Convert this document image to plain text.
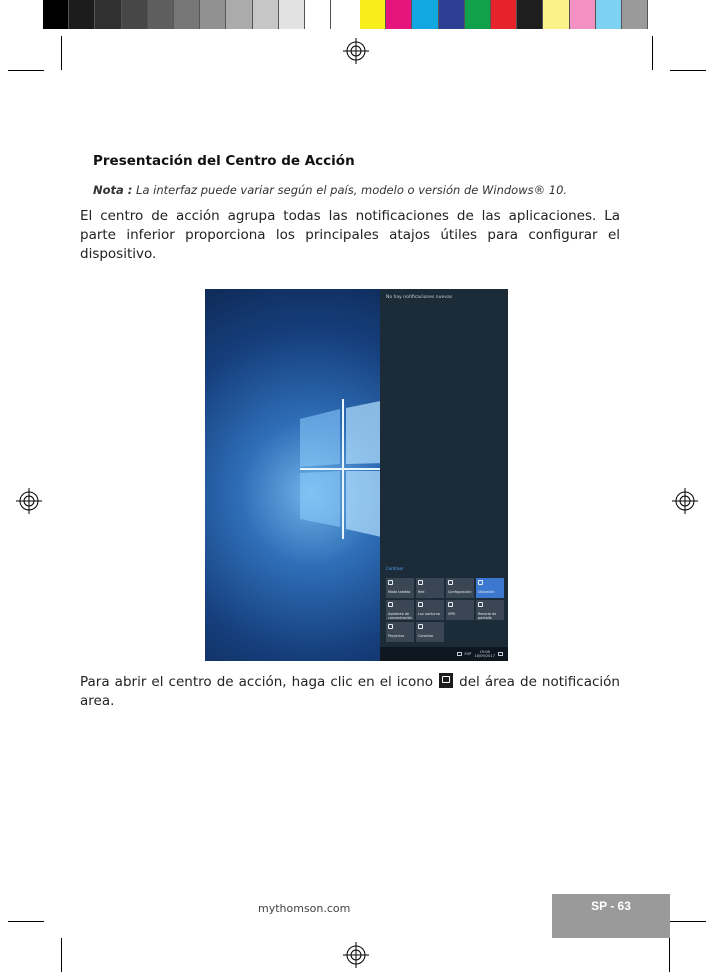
Presentación del Centro de Acción
Nota : La interfaz puede variar según el país, modelo o versión de Windows® 10.
El centro de acción agrupa todas las notificaciones de las aplicaciones. La parte inferior proporciona los principales atajos útiles para configurar el dispositivo.
No hay notificaciones nuevas
Contraer
Modo tableta	Red	Configuración	Ubicación
Asistente de concentración
Luz nocturna	VPN	Recorte de pantalla
Proyectar	Conectar
ESP	19:08
18/09/2017
Para abrir el centro de acción, haga clic en el icono
del área de notificación area.
mythomson.com	SP - 63
